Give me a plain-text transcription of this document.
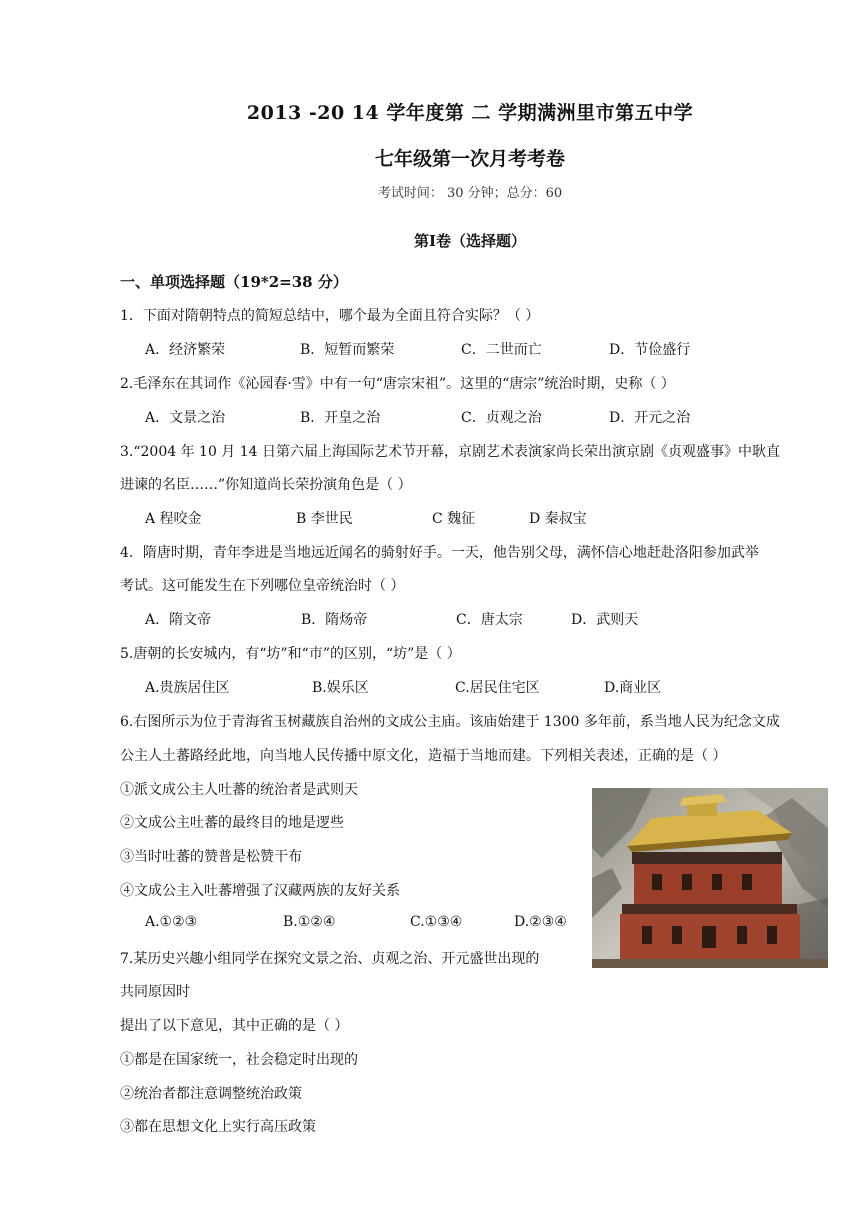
2013 -20 14 学年度第 二 学期满洲里市第五中学
七年级第一次月考考卷
考试时间： 30 分钟；总分：60
第Ⅰ卷（选择题）
一、单项选择题（19*2=38 分）
1．下面对隋朝特点的简短总结中，哪个最为全面且符合实际？（ ）
A．经济繁荣	B．短暂而繁荣	C．二世而亡	D．节俭盛行
2.毛泽东在其词作《沁园春·雪》中有一句“唐宗宋祖”。这里的“唐宗”统治时期，史称（ ）
A．文景之治	B．开皇之治	C．贞观之治	D．开元之治
3.“2004 年 10 月 14 日第六届上海国际艺术节开幕，京剧艺术表演家尚长荣出演京剧《贞观盛事》中耿直
进谏的名臣……”你知道尚长荣扮演角色是（ ）
A 程咬金	B 李世民	C 魏征	D 秦叔宝
4．隋唐时期，青年李进是当地远近闻名的骑射好手。一天，他告别父母，满怀信心地赶赴洛阳参加武举
考试。这可能发生在下列哪位皇帝统治时（ ）
A．隋文帝	B．隋炀帝	C．唐太宗	D．武则天
5.唐朝的长安城内，有“坊”和“市”的区别，“坊”是（ ）
A.贵族居住区	B.娱乐区	C.居民住宅区	D.商业区
6.右图所示为位于青海省玉树藏族自治州的文成公主庙。该庙始建于 1300 多年前，系当地人民为纪念文成
公主人土蕃路经此地，向当地人民传播中原文化，造福于当地而建。下列相关表述，正确的是（ ）
①派文成公主人吐蕃的统治者是武则天
②文成公主吐蕃的最终目的地是逻些
③当时吐蕃的赞普是松赞干布
④文成公主入吐蕃增强了汉藏两族的友好关系
A.①②③	B.①②④	C.①③④	D.②③④
7.某历史兴趣小组同学在探究文景之治、贞观之治、开元盛世出现的
共同原因时
提出了以下意见，其中正确的是（ ）
①都是在国家统一，社会稳定时出现的
②统治者都注意调整统治政策
③都在思想文化上实行高压政策
